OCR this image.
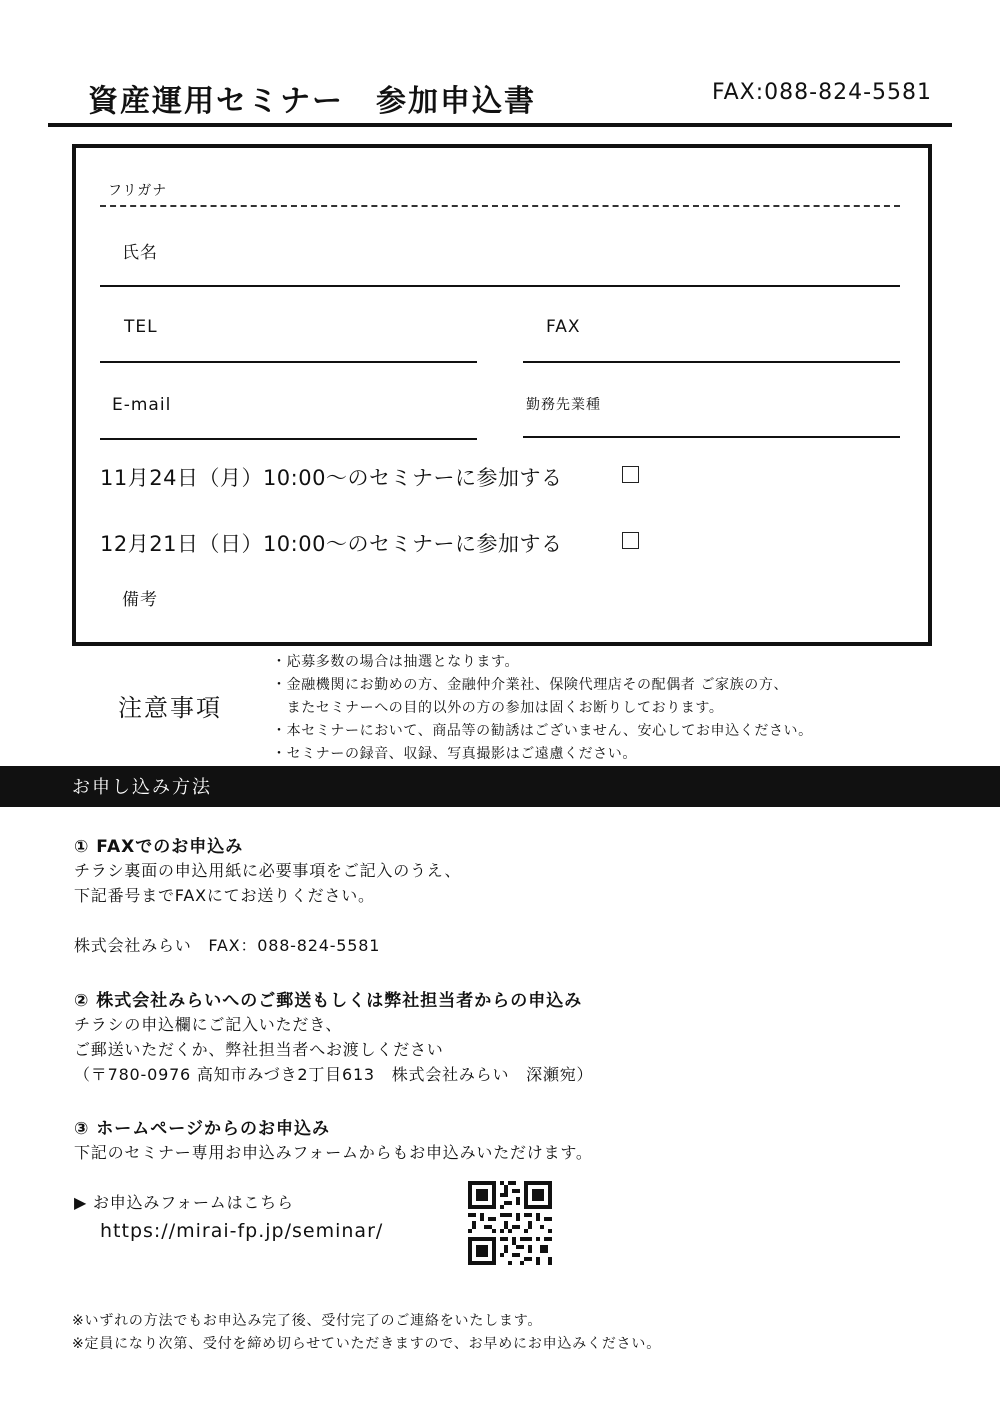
資産運用セミナー　参加申込書	FAX:088-824-5581
フリガナ
氏名
TEL	FAX
E-mail	勤務先業種
11月24日（月）10:00～のセミナーに参加する
12月21日（日）10:00～のセミナーに参加する
備考
注意事項
・応募多数の場合は抽選となります。
・金融機関にお勤めの方、金融仲介業社、保険代理店その配偶者 ご家族の方、
　またセミナーへの目的以外の方の参加は固くお断りしております。
・本セミナーにおいて、商品等の勧誘はございません、安心してお申込ください。
・セミナーの録音、収録、写真撮影はご遠慮ください。
お申し込み方法
① FAXでのお申込み
チラシ裏面の申込用紙に必要事項をご記入のうえ、
下記番号までFAXにてお送りください。
株式会社みらい　FAX：088-824-5581
② 株式会社みらいへのご郵送もしくは弊社担当者からの申込み
チラシの申込欄にご記入いただき、
ご郵送いただくか、弊社担当者へお渡しください
（〒780-0976 高知市みづき2丁目613　株式会社みらい　深瀬宛）
③ ホームページからのお申込み
下記のセミナー専用お申込みフォームからもお申込みいただけます。
▶ お申込みフォームはこちら
https://mirai-fp.jp/seminar/
※いずれの方法でもお申込み完了後、受付完了のご連絡をいたします。
※定員になり次第、受付を締め切らせていただきますので、お早めにお申込みください。
